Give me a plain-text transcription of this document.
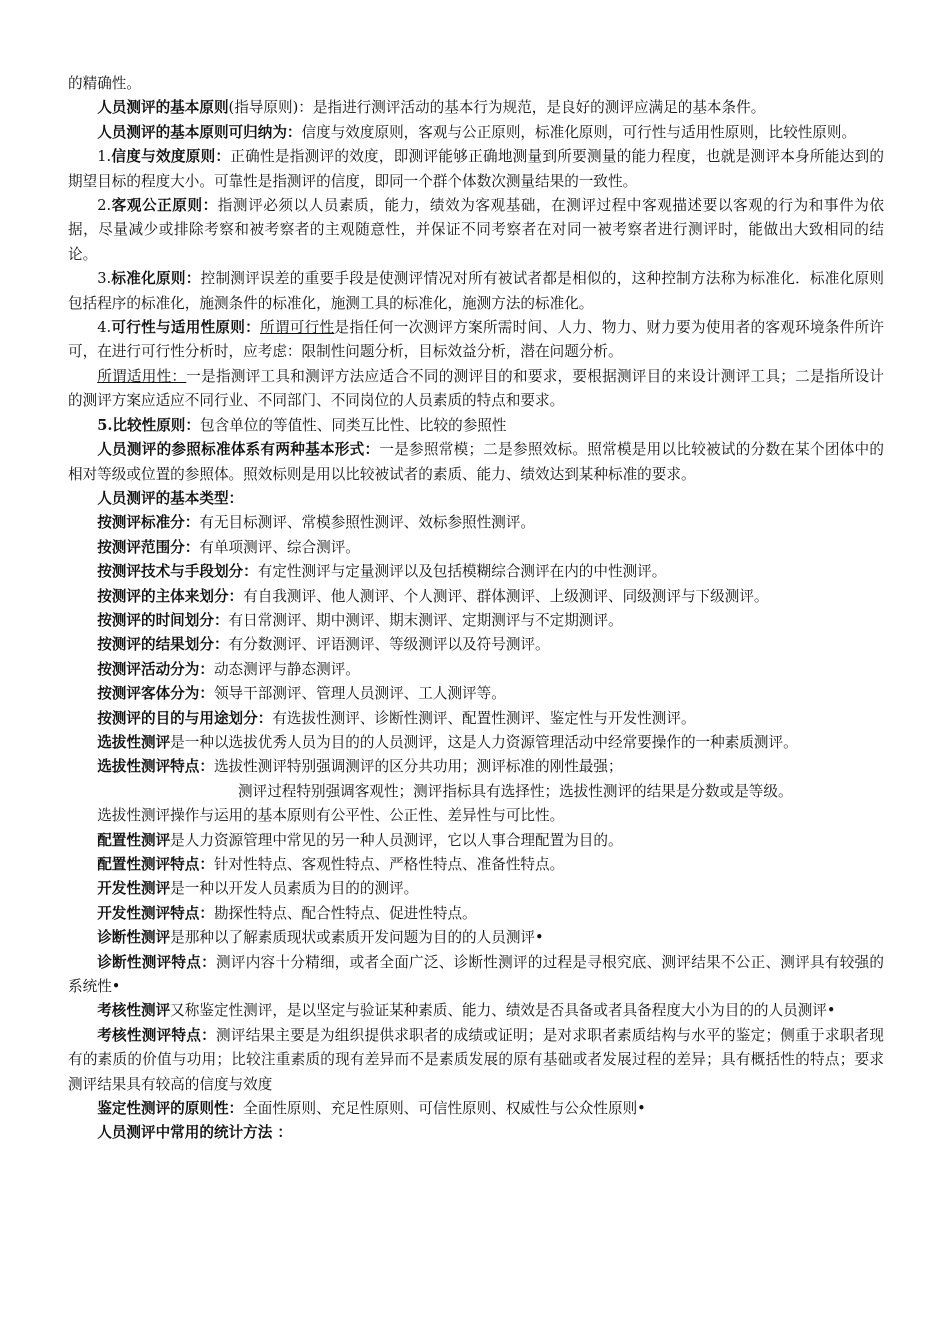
的精确性。

人员测评的基本原则(指导原则)：是指进行测评活动的基本行为规范，是良好的测评应满足的基本条件。

人员测评的基本原则可归纳为：信度与效度原则，客观与公正原则，标准化原则，可行性与适用性原则，比较性原则。

1.信度与效度原则：正确性是指测评的效度，即测评能够正确地测量到所要测量的能力程度，也就是测评本身所能达到的期望目标的程度大小。可靠性是指测评的信度，即同一个群个体数次测量结果的一致性。

2.客观公正原则：指测评必须以人员素质，能力，绩效为客观基础，在测评过程中客观描述要以客观的行为和事件为依据，尽量减少或排除考察和被考察者的主观随意性，并保证不同考察者在对同一被考察者进行测评时，能做出大致相同的结论。

3.标准化原则：控制测评误差的重要手段是使测评情况对所有被试者都是相似的，这种控制方法称为标准化．标准化原则包括程序的标准化，施测条件的标准化，施测工具的标准化，施测方法的标准化。

4.可行性与适用性原则：所谓可行性是指任何一次测评方案所需时间、人力、物力、财力要为使用者的客观环境条件所许可，在进行可行性分析时，应考虑：限制性问题分析，目标效益分析，潜在问题分析。

所谓适用性：一是指测评工具和测评方法应适合不同的测评目的和要求，要根据测评目的来设计测评工具；二是指所设计的测评方案应适应不同行业、不同部门、不同岗位的人员素质的特点和要求。

5.比较性原则：包含单位的等值性、同类互比性、比较的参照性

人员测评的参照标准体系有两种基本形式：一是参照常模；二是参照效标。照常模是用以比较被试的分数在某个团体中的相对等级或位置的参照体。照效标则是用以比较被试者的素质、能力、绩效达到某种标准的要求。

人员测评的基本类型：

按测评标准分：有无目标测评、常模参照性测评、效标参照性测评。

按测评范围分：有单项测评、综合测评。

按测评技术与手段划分：有定性测评与定量测评以及包括模糊综合测评在内的中性测评。

按测评的主体来划分：有自我测评、他人测评、个人测评、群体测评、上级测评、同级测评与下级测评。

按测评的时间划分：有日常测评、期中测评、期末测评、定期测评与不定期测评。

按测评的结果划分：有分数测评、评语测评、等级测评以及符号测评。

按测评活动分为：动态测评与静态测评。

按测评客体分为：领导干部测评、管理人员测评、工人测评等。

按测评的目的与用途划分：有选拔性测评、诊断性测评、配置性测评、鉴定性与开发性测评。

选拔性测评是一种以选拔优秀人员为目的的人员测评，这是人力资源管理活动中经常要操作的一种素质测评。

选拔性测评特点：选拔性测评特别强调测评的区分共功用；测评标准的刚性最强；

测评过程特别强调客观性；测评指标具有选择性；选拔性测评的结果是分数或是等级。

选拔性测评操作与运用的基本原则有公平性、公正性、差异性与可比性。

配置性测评是人力资源管理中常见的另一种人员测评，它以人事合理配置为目的。

配置性测评特点：针对性特点、客观性特点、严格性特点、准备性特点。

开发性测评是一种以开发人员素质为目的的测评。

开发性测评特点：勘探性特点、配合性特点、促进性特点。

诊断性测评是那种以了解素质现状或素质开发问题为目的的人员测评•

诊断性测评特点：测评内容十分精细，或者全面广泛、诊断性测评的过程是寻根究底、测评结果不公正、测评具有较强的系统性•

考核性测评又称鉴定性测评，是以坚定与验证某种素质、能力、绩效是否具备或者具备程度大小为目的的人员测评•

考核性测评特点：测评结果主要是为组织提供求职者的成绩或证明；是对求职者素质结构与水平的鉴定；侧重于求职者现有的素质的价值与功用；比较注重素质的现有差异而不是素质发展的原有基础或者发展过程的差异；具有概括性的特点；要求测评结果具有较高的信度与效度

鉴定性测评的原则性：全面性原则、充足性原则、可信性原则、权威性与公众性原则•

人员测评中常用的统计方法 ：
